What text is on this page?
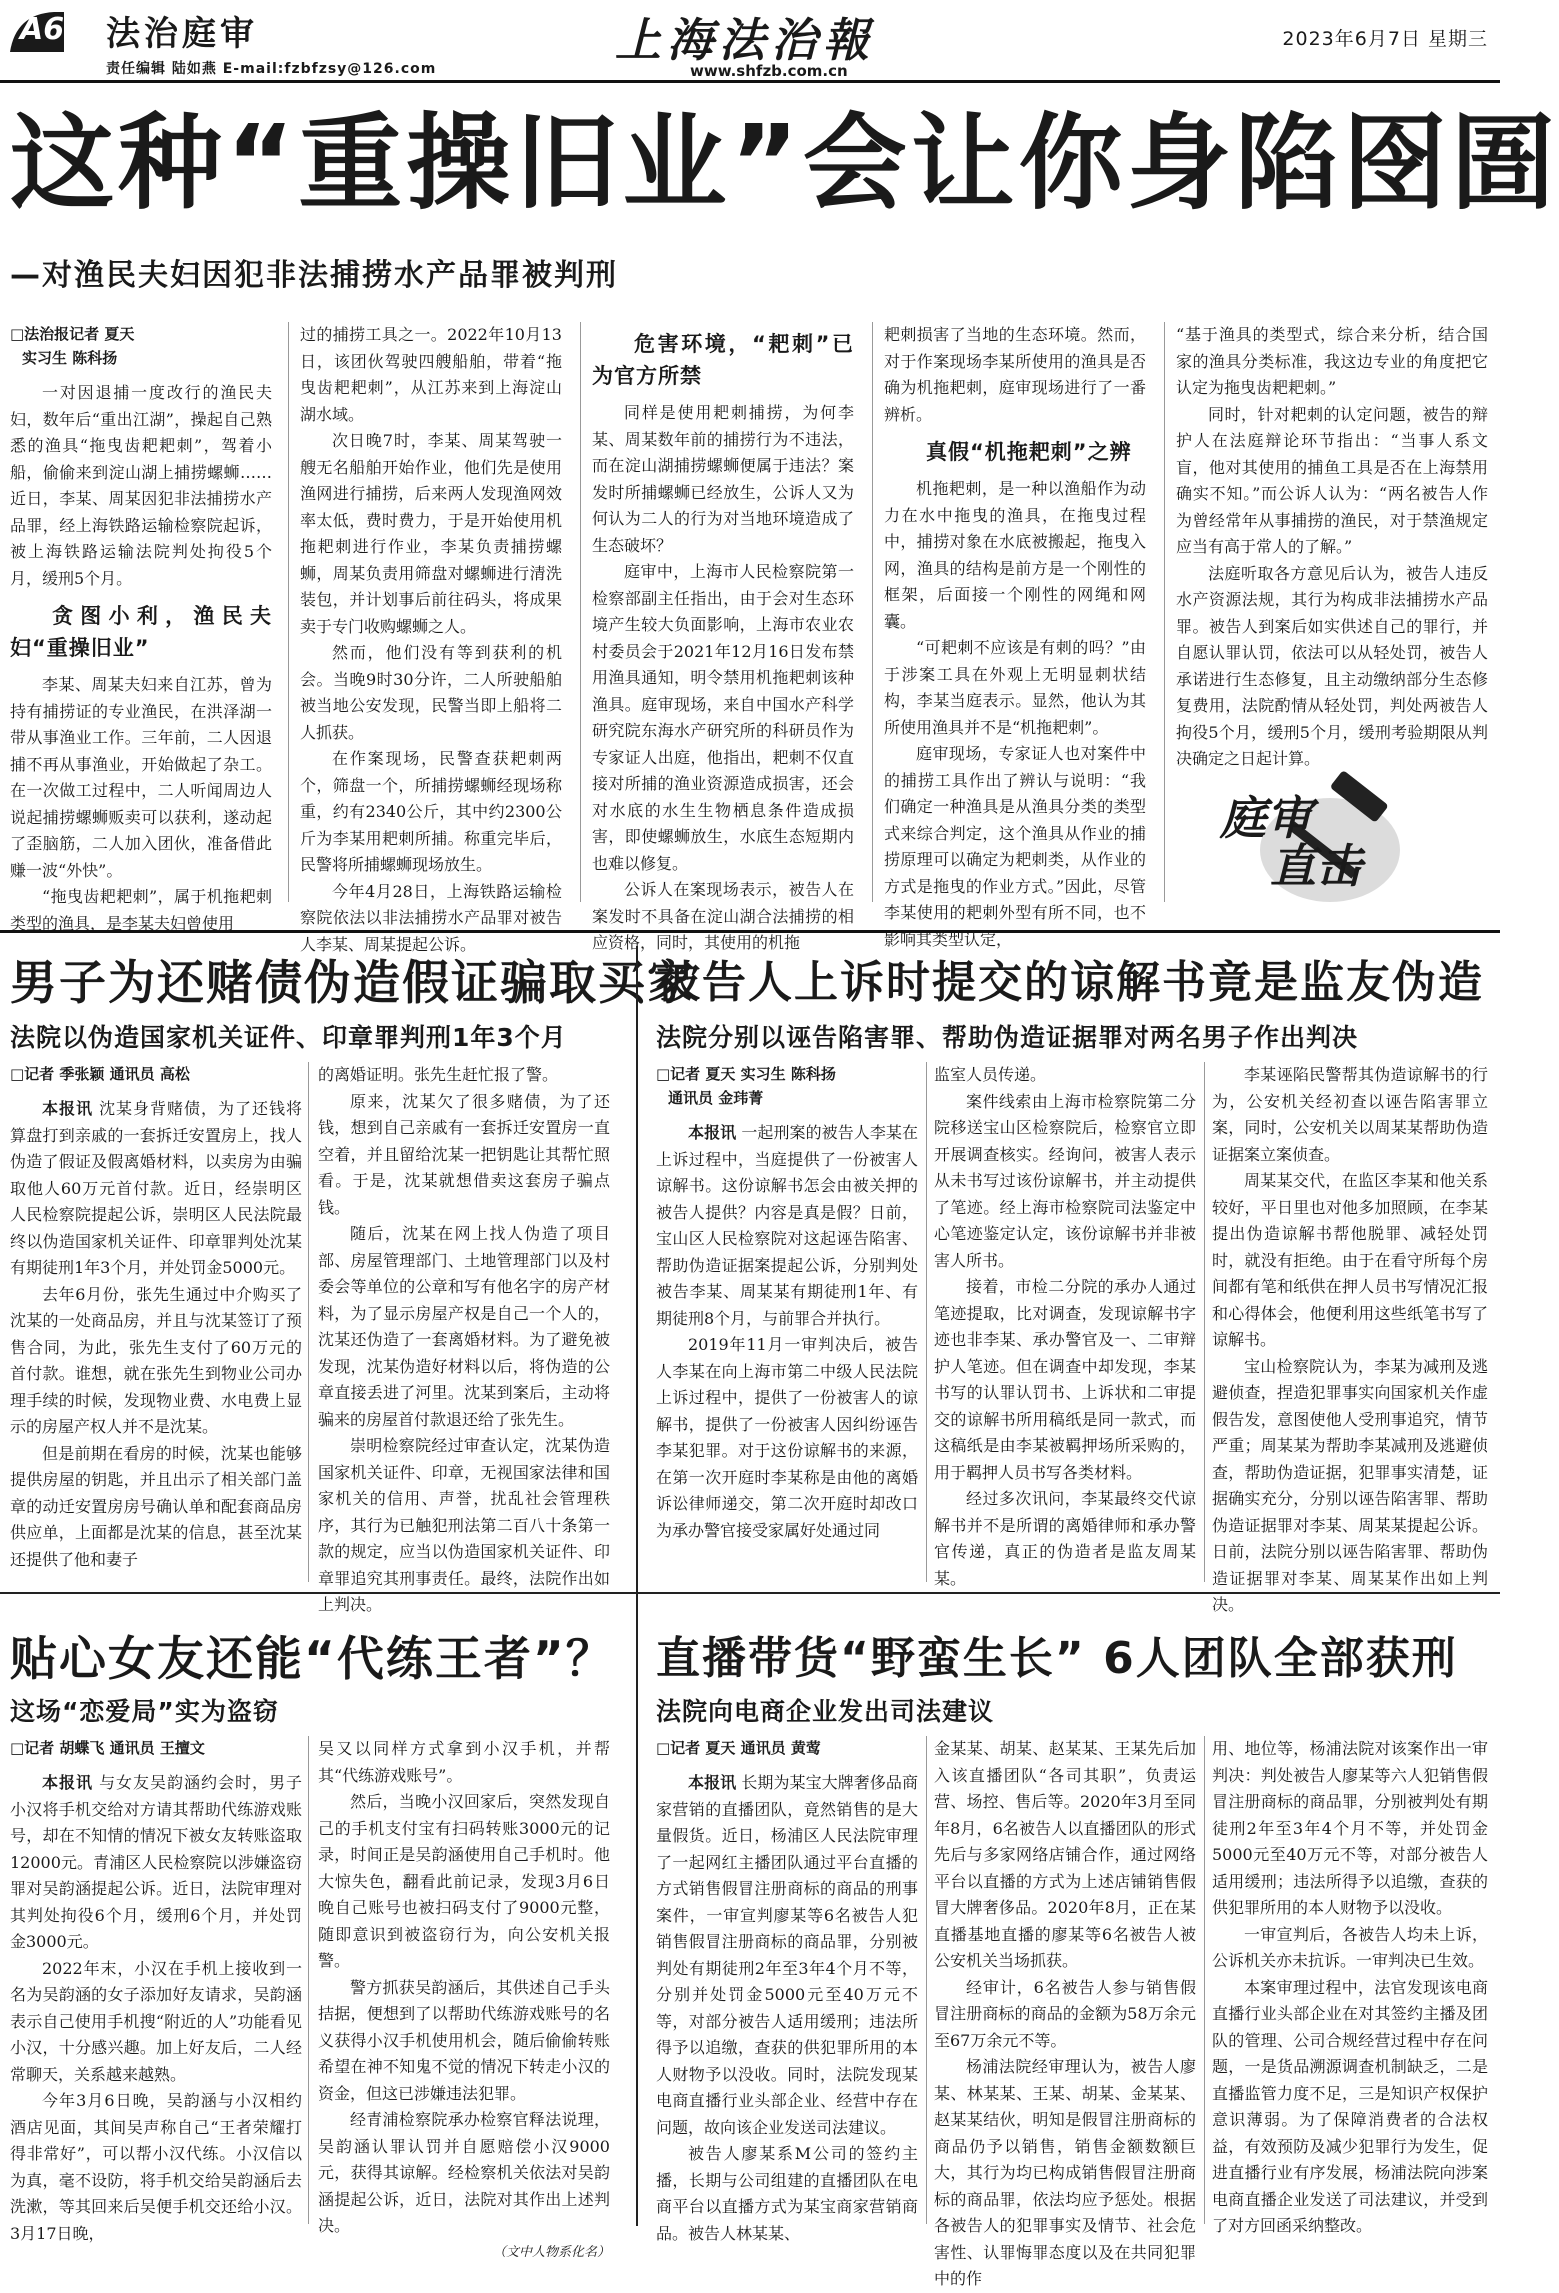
A6 法治庭审
责任编辑 陆如燕 E-mail:fzbfzsy@126.com
上海法治報
www.shfzb.com.cn
2023年6月7日 星期三
这种“重操旧业”会让你身陷囹圄
—对渔民夫妇因犯非法捕捞水产品罪被判刑

□法治报记者 夏天

实习生 陈科扬

一对因退捕一度改行的渔民夫妇，数年后“重出江湖”，操起自己熟悉的渔具“拖曳齿耙耙刺”，驾着小船，偷偷来到淀山湖上捕捞螺蛳……近日，李某、周某因犯非法捕捞水产品罪，经上海铁路运输检察院起诉，被上海铁路运输法院判处拘役5个月，缓刑5个月。

贪图小利，渔民夫妇“重操旧业”

李某、周某夫妇来自江苏，曾为持有捕捞证的专业渔民，在洪泽湖一带从事渔业工作。三年前，二人因退捕不再从事渔业，开始做起了杂工。在一次做工过程中，二人听闻周边人说起捕捞螺蛳贩卖可以获利，遂动起了歪脑筋，二人加入团伙，准备借此赚一波“外快”。

“拖曳齿耙耙刺”，属于机拖耙刺类型的渔具，是李某夫妇曾使用

过的捕捞工具之一。2022年10月13日，该团伙驾驶四艘船舶，带着“拖曳齿耙耙刺”，从江苏来到上海淀山湖水域。

次日晚7时，李某、周某驾驶一艘无名船舶开始作业，他们先是使用渔网进行捕捞，后来两人发现渔网效率太低，费时费力，于是开始使用机拖耙刺进行作业，李某负责捕捞螺蛳，周某负责用筛盘对螺蛳进行清洗装包，并计划事后前往码头，将成果卖于专门收购螺蛳之人。

然而，他们没有等到获利的机会。当晚9时30分许，二人所驶船舶被当地公安发现，民警当即上船将二人抓获。

在作案现场，民警查获耙刺两个，筛盘一个，所捕捞螺蛳经现场称重，约有2340公斤，其中约2300公斤为李某用耙刺所捕。称重完毕后，民警将所捕螺蛳现场放生。

今年4月28日，上海铁路运输检察院依法以非法捕捞水产品罪对被告人李某、周某提起公诉。

危害环境，“耙刺”已为官方所禁

同样是使用耙刺捕捞，为何李某、周某数年前的捕捞行为不违法，而在淀山湖捕捞螺蛳便属于违法？案发时所捕螺蛳已经放生，公诉人又为何认为二人的行为对当地环境造成了生态破坏？

庭审中，上海市人民检察院第一检察部副主任指出，由于会对生态环境产生较大负面影响，上海市农业农村委员会于2021年12月16日发布禁用渔具通知，明令禁用机拖耙刺该种渔具。庭审现场，来自中国水产科学研究院东海水产研究所的科研员作为专家证人出庭，他指出，耙刺不仅直接对所捕的渔业资源造成损害，还会对水底的水生生物栖息条件造成损害，即使螺蛳放生，水底生态短期内也难以修复。

公诉人在案现场表示，被告人在案发时不具备在淀山湖合法捕捞的相应资格，同时，其使用的机拖

耙刺损害了当地的生态环境。然而，对于作案现场李某所使用的渔具是否确为机拖耙刺，庭审现场进行了一番辨析。

真假“机拖耙刺”之辨

机拖耙刺，是一种以渔船作为动力在水中拖曳的渔具，在拖曳过程中，捕捞对象在水底被搬起，拖曳入网，渔具的结构是前方是一个刚性的框架，后面接一个刚性的网绳和网囊。

“可耙刺不应该是有刺的吗？”由于涉案工具在外观上无明显刺状结构，李某当庭表示。显然，他认为其所使用渔具并不是“机拖耙刺”。

庭审现场，专家证人也对案件中的捕捞工具作出了辨认与说明：“我们确定一种渔具是从渔具分类的类型式来综合判定，这个渔具从作业的捕捞原理可以确定为耙刺类，从作业的方式是拖曳的作业方式。”因此，尽管李某使用的耙刺外型有所不同，也不影响其类型认定，

“基于渔具的类型式，综合来分析，结合国家的渔具分类标准，我这边专业的角度把它认定为拖曳齿耙耙刺。”

同时，针对耙刺的认定问题，被告的辩护人在法庭辩论环节指出：“当事人系文盲，他对其使用的捕鱼工具是否在上海禁用确实不知。”而公诉人认为：“两名被告人作为曾经常年从事捕捞的渔民，对于禁渔规定应当有高于常人的了解。”

法庭听取各方意见后认为，被告人违反水产资源法规，其行为构成非法捕捞水产品罪。被告人到案后如实供述自己的罪行，并自愿认罪认罚，依法可以从轻处罚，被告人承诺进行生态修复，且主动缴纳部分生态修复费用，法院酌情从轻处罚，判处两被告人拘役5个月，缓刑5个月，缓刑考验期限从判决确定之日起计算。

庭审
直击
男子为还赌债伪造假证骗取买家
法院以伪造国家机关证件、印章罪判刑1年3个月

□记者 季张颖 通讯员 高松

本报讯 沈某身背赌债，为了还钱将算盘打到亲戚的一套拆迁安置房上，找人伪造了假证及假离婚材料，以卖房为由骗取他人60万元首付款。近日，经崇明区人民检察院提起公诉，崇明区人民法院最终以伪造国家机关证件、印章罪判处沈某有期徒刑1年3个月，并处罚金5000元。

去年6月份，张先生通过中介购买了沈某的一处商品房，并且与沈某签订了预售合同，为此，张先生支付了60万元的首付款。谁想，就在张先生到物业公司办理手续的时候，发现物业费、水电费上显示的房屋产权人并不是沈某。

但是前期在看房的时候，沈某也能够提供房屋的钥匙，并且出示了相关部门盖章的动迁安置房房号确认单和配套商品房供应单，上面都是沈某的信息，甚至沈某还提供了他和妻子

的离婚证明。张先生赶忙报了警。

原来，沈某欠了很多赌债，为了还钱，想到自己亲戚有一套拆迁安置房一直空着，并且留给沈某一把钥匙让其帮忙照看。于是，沈某就想借卖这套房子骗点钱。

随后，沈某在网上找人伪造了项目部、房屋管理部门、土地管理部门以及村委会等单位的公章和写有他名字的房产材料，为了显示房屋产权是自己一个人的，沈某还伪造了一套离婚材料。为了避免被发现，沈某伪造好材料以后，将伪造的公章直接丢进了河里。沈某到案后，主动将骗来的房屋首付款退还给了张先生。

崇明检察院经过审查认定，沈某伪造国家机关证件、印章，无视国家法律和国家机关的信用、声誉，扰乱社会管理秩序，其行为已触犯刑法第二百八十条第一款的规定，应当以伪造国家机关证件、印章罪追究其刑事责任。最终，法院作出如上判决。

被告人上诉时提交的谅解书竟是监友伪造
法院分别以诬告陷害罪、帮助伪造证据罪对两名男子作出判决

□记者 夏天 实习生 陈科扬

通讯员 金玮菁

本报讯 一起刑案的被告人李某在上诉过程中，当庭提供了一份被害人谅解书。这份谅解书怎会由被关押的被告人提供？内容是真是假？日前，宝山区人民检察院对这起诬告陷害、帮助伪造证据案提起公诉，分别判处被告李某、周某某有期徒刑1年、有期徒刑8个月，与前罪合并执行。

2019年11月一审判决后，被告人李某在向上海市第二中级人民法院上诉过程中，提供了一份被害人的谅解书，提供了一份被害人因纠纷诬告李某犯罪。对于这份谅解书的来源，在第一次开庭时李某称是由他的离婚诉讼律师递交，第二次开庭时却改口为承办警官接受家属好处通过同

监室人员传递。

案件线索由上海市检察院第二分院移送宝山区检察院后，检察官立即开展调查核实。经询问，被害人表示从未书写过该份谅解书，并主动提供了笔迹。经上海市检察院司法鉴定中心笔迹鉴定认定，该份谅解书并非被害人所书。

接着，市检二分院的承办人通过笔迹提取，比对调查，发现谅解书字迹也非李某、承办警官及一、二审辩护人笔迹。但在调查中却发现，李某书写的认罪认罚书、上诉状和二审提交的谅解书所用稿纸是同一款式，而这稿纸是由李某被羁押场所采购的，用于羁押人员书写各类材料。

经过多次讯问，李某最终交代谅解书并不是所谓的离婚律师和承办警官传递，真正的伪造者是监友周某某。

李某诬陷民警帮其伪造谅解书的行为，公安机关经初查以诬告陷害罪立案，同时，公安机关以周某某帮助伪造证据案立案侦查。

周某某交代，在监区李某和他关系较好，平日里也对他多加照顾，在李某提出伪造谅解书帮他脱罪、减轻处罚时，就没有拒绝。由于在看守所每个房间都有笔和纸供在押人员书写情况汇报和心得体会，他便利用这些纸笔书写了谅解书。

宝山检察院认为，李某为减刑及逃避侦查，捏造犯罪事实向国家机关作虚假告发，意图使他人受刑事追究，情节严重；周某某为帮助李某减刑及逃避侦查，帮助伪造证据，犯罪事实清楚，证据确实充分，分别以诬告陷害罪、帮助伪造证据罪对李某、周某某提起公诉。日前，法院分别以诬告陷害罪、帮助伪造证据罪对李某、周某某作出如上判决。

贴心女友还能“代练王者”？
这场“恋爱局”实为盗窃

□记者 胡蝶飞 通讯员 王擅文

本报讯 与女友吴韵涵约会时，男子小汉将手机交给对方请其帮助代练游戏账号，却在不知情的情况下被女友转账盗取12000元。青浦区人民检察院以涉嫌盗窃罪对吴韵涵提起公诉。近日，法院审理对其判处拘役6个月，缓刑6个月，并处罚金3000元。

2022年末，小汉在手机上接收到一名为吴韵涵的女子添加好友请求，吴韵涵表示自己使用手机搜“附近的人”功能看见小汉，十分感兴趣。加上好友后，二人经常聊天，关系越来越熟。

今年3月6日晚，吴韵涵与小汉相约酒店见面，其间吴声称自己“王者荣耀打得非常好”，可以帮小汉代练。小汉信以为真，毫不设防，将手机交给吴韵涵后去洗漱，等其回来后吴便手机交还给小汉。3月17日晚，

吴又以同样方式拿到小汉手机，并帮其“代练游戏账号”。

然后，当晚小汉回家后，突然发现自己的手机支付宝有扫码转账3000元的记录，时间正是吴韵涵使用自己手机时。他大惊失色，翻看此前记录，发现3月6日晚自己账号也被扫码支付了9000元整，随即意识到被盗窃行为，向公安机关报警。

警方抓获吴韵涵后，其供述自己手头拮据，便想到了以帮助代练游戏账号的名义获得小汉手机使用机会，随后偷偷转账希望在神不知鬼不觉的情况下转走小汉的资金，但这已涉嫌违法犯罪。

经青浦检察院承办检察官释法说理，吴韵涵认罪认罚并自愿赔偿小汉9000元，获得其谅解。经检察机关依法对吴韵涵提起公诉，近日，法院对其作出上述判决。

（文中人物系化名）

直播带货“野蛮生长” 6人团队全部获刑
法院向电商企业发出司法建议

□记者 夏天 通讯员 黄莺

本报讯 长期为某宝大牌奢侈品商家营销的直播团队，竟然销售的是大量假货。近日，杨浦区人民法院审理了一起网红主播团队通过平台直播的方式销售假冒注册商标的商品的刑事案件，一审宣判廖某等6名被告人犯销售假冒注册商标的商品罪，分别被判处有期徒刑2年至3年4个月不等，分别并处罚金5000元至40万元不等，对部分被告人适用缓刑；违法所得予以追缴，查获的供犯罪所用的本人财物予以没收。同时，法院发现某电商直播行业头部企业、经营中存在问题，故向该企业发送司法建议。

被告人廖某系M公司的签约主播，长期与公司组建的直播团队在电商平台以直播方式为某宝商家营销商品。被告人林某某、

金某某、胡某、赵某某、王某先后加入该直播团队“各司其职”，负责运营、场控、售后等。2020年3月至同年8月，6名被告人以直播团队的形式先后与多家网络店铺合作，通过网络平台以直播的方式为上述店铺销售假冒大牌奢侈品。2020年8月，正在某直播基地直播的廖某等6名被告人被公安机关当场抓获。

经审计，6名被告人参与销售假冒注册商标的商品的金额为58万余元至67万余元不等。

杨浦法院经审理认为，被告人廖某、林某某、王某、胡某、金某某、赵某某结伙，明知是假冒注册商标的商品仍予以销售，销售金额数额巨大，其行为均已构成销售假冒注册商标的商品罪，依法均应予惩处。根据各被告人的犯罪事实及情节、社会危害性、认罪悔罪态度以及在共同犯罪中的作

用、地位等，杨浦法院对该案作出一审判决：判处被告人廖某等六人犯销售假冒注册商标的商品罪，分别被判处有期徒刑2年至3年4个月不等，并处罚金5000元至40万元不等，对部分被告人适用缓刑；违法所得予以追缴，查获的供犯罪所用的本人财物予以没收。

一审宣判后，各被告人均未上诉，公诉机关亦未抗诉。一审判决已生效。

本案审理过程中，法官发现该电商直播行业头部企业在对其签约主播及团队的管理、公司合规经营过程中存在问题，一是货品溯源调查机制缺乏，二是直播监管力度不足，三是知识产权保护意识薄弱。为了保障消费者的合法权益，有效预防及减少犯罪行为发生，促进直播行业有序发展，杨浦法院向涉案电商直播企业发送了司法建议，并受到了对方回函采纳整改。
